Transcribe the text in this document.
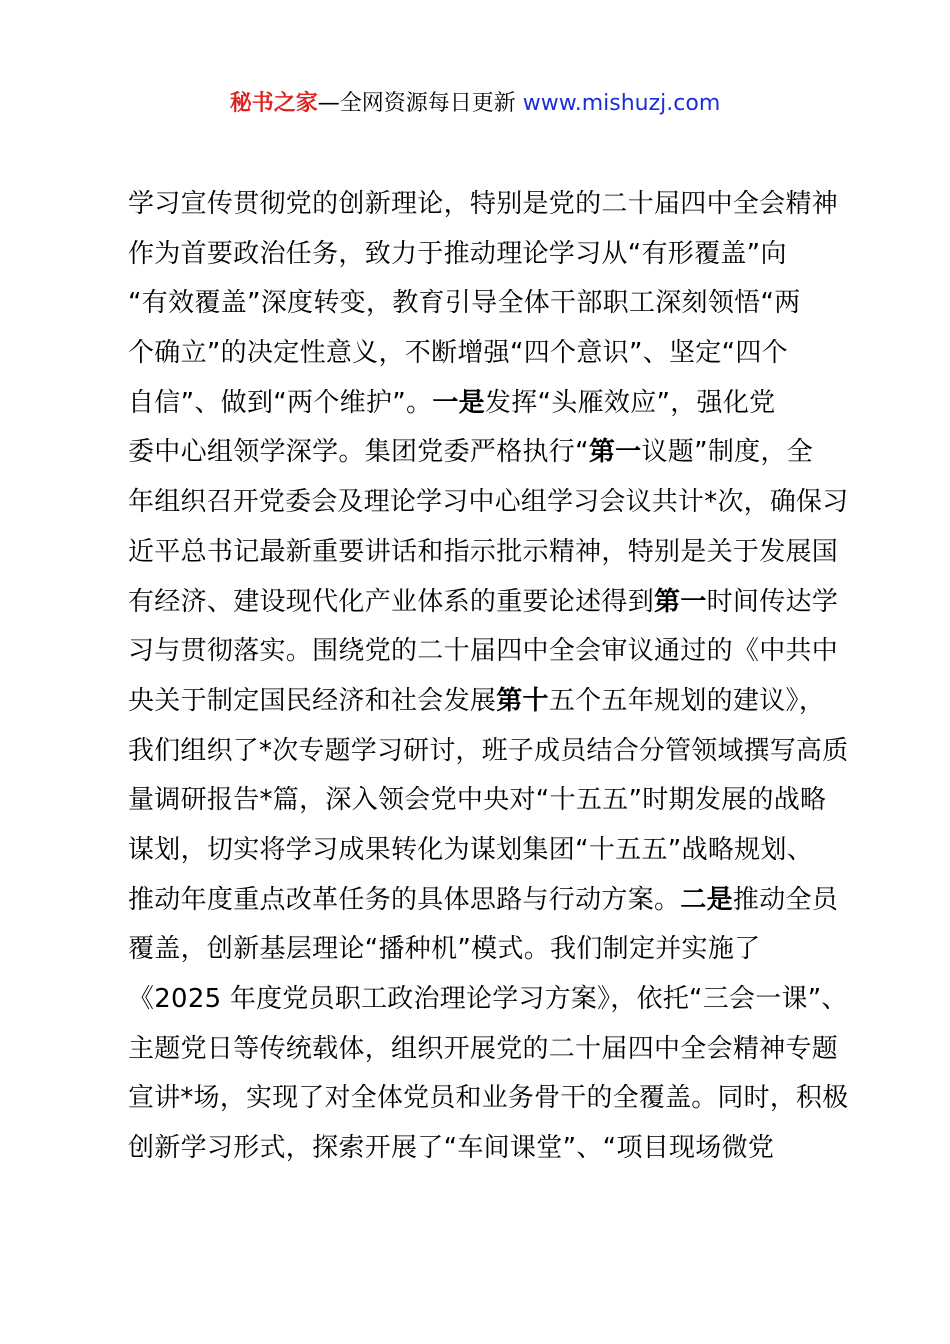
秘书之家—全网资源每日更新 www.mishuzj.com
学习宣传贯彻党的创新理论，特别是党的二十届四中全会精神
作为首要政治任务，致力于推动理论学习从“有形覆盖”向
“有效覆盖”深度转变，教育引导全体干部职工深刻领悟“两
个确立”的决定性意义，不断增强“四个意识”、坚定“四个
自信”、做到“两个维护”。一是发挥“头雁效应”，强化党
委中心组领学深学。集团党委严格执行“第一议题”制度，全
年组织召开党委会及理论学习中心组学习会议共计*次，确保习
近平总书记最新重要讲话和指示批示精神，特别是关于发展国
有经济、建设现代化产业体系的重要论述得到第一时间传达学
习与贯彻落实。围绕党的二十届四中全会审议通过的《中共中
央关于制定国民经济和社会发展第十五个五年规划的建议》，
我们组织了*次专题学习研讨，班子成员结合分管领域撰写高质
量调研报告*篇，深入领会党中央对“十五五”时期发展的战略
谋划，切实将学习成果转化为谋划集团“十五五”战略规划、
推动年度重点改革任务的具体思路与行动方案。二是推动全员
覆盖，创新基层理论“播种机”模式。我们制定并实施了
《2025 年度党员职工政治理论学习方案》，依托“三会一课”、
主题党日等传统载体，组织开展党的二十届四中全会精神专题
宣讲*场，实现了对全体党员和业务骨干的全覆盖。同时，积极
创新学习形式，探索开展了“车间课堂”、“项目现场微党
